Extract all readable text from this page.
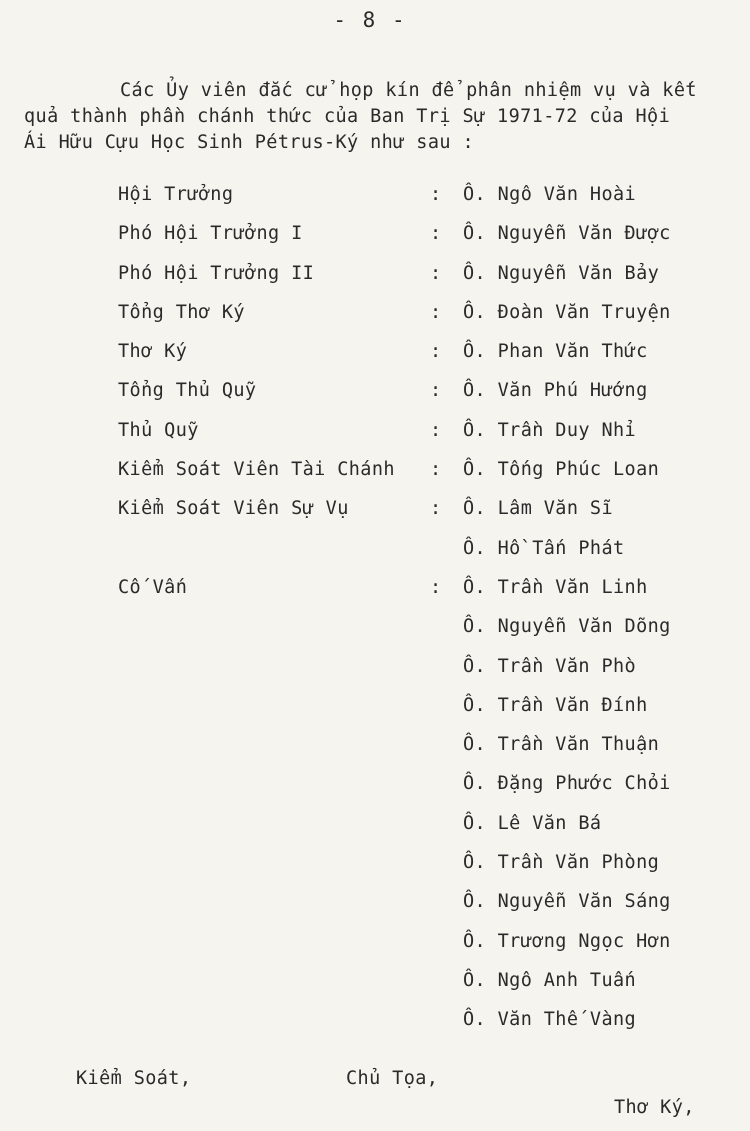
- 8 -
Các Ủy viên đắc cử họp kín để phân nhiệm vụ và kết
quả thành phần chánh thức của Ban Trị Sự 1971-72 của Hội
Ái Hữu Cựu Học Sinh Pétrus-Ký như sau :
Hội Trưởng	: Ô. Ngô Văn Hoài
Phó Hội Trưởng I	: Ô. Nguyễn Văn Được
Phó Hội Trưởng II	: Ô. Nguyễn Văn Bảy
Tổng Thơ Ký	: Ô. Đoàn Văn Truyện
Thơ Ký	: Ô. Phan Văn Thức
Tổng Thủ Quỹ	: Ô. Văn Phú Hướng
Thủ Quỹ	: Ô. Trần Duy Nhỉ
Kiểm Soát Viên Tài Chánh : Ô. Tống Phúc Loan
Kiểm Soát Viên Sự Vụ	: Ô. Lâm Văn Sĩ
Ô. Hồ Tấn Phát
Cố Vấn	: Ô. Trần Văn Linh
Ô. Nguyễn Văn Dõng
Ô. Trần Văn Phò
Ô. Trần Văn Đính
Ô. Trần Văn Thuận
Ô. Đặng Phước Chỏi
Ô. Lê Văn Bá
Ô. Trần Văn Phòng
Ô. Nguyễn Văn Sáng
Ô. Trương Ngọc Hơn
Ô. Ngô Anh Tuấn
Ô. Văn Thế Vàng
Kiểm Soát,	Chủ Tọa,
Thơ Ký,
